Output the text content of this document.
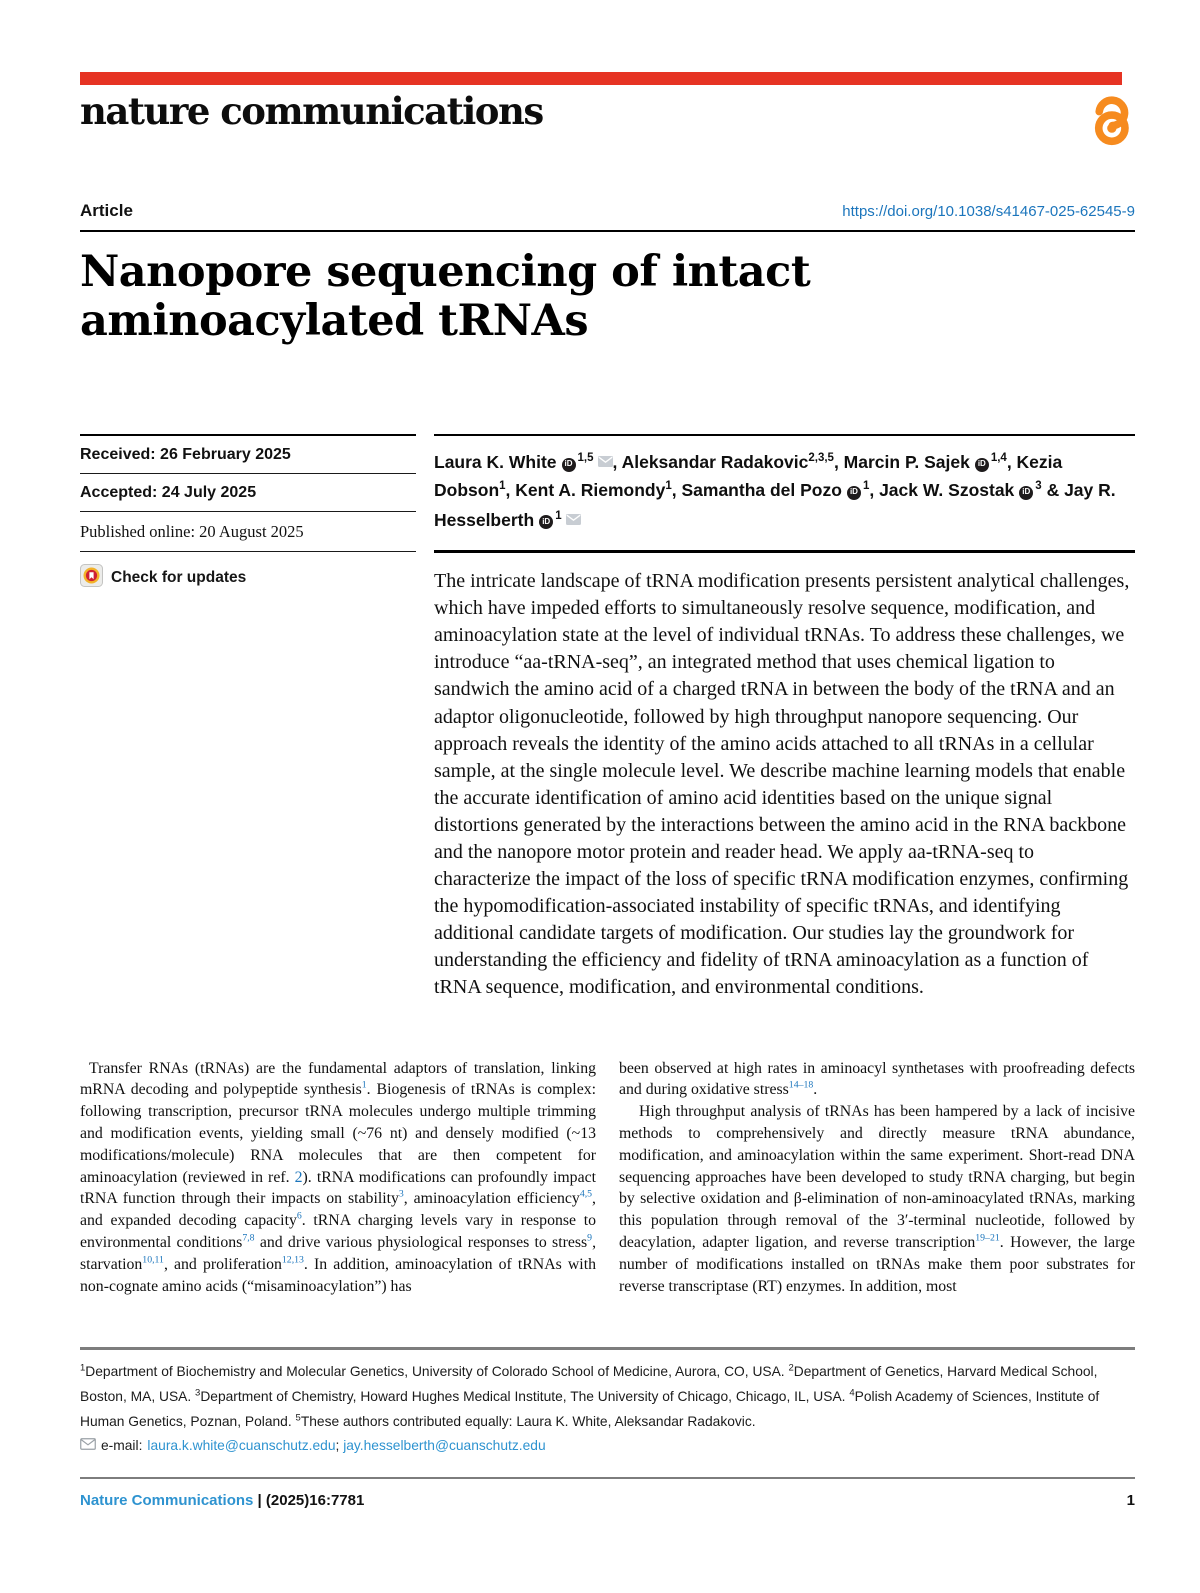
nature communications
Article	https://doi.org/10.1038/s41467-025-62545-9
Nanopore sequencing of intact aminoacylated tRNAs
Received: 26 February 2025
Accepted: 24 July 2025
Published online: 20 August 2025
Check for updates

Laura K. White iD $^{1,5}$ , Aleksandar Radakovic$^{2,3,5}$, Marcin P. Sajek iD $^{1,4}$, Kezia Dobson$^1$, Kent A. Riemondy$^1$, Samantha del Pozo iD $^1$, Jack W. Szostak iD $^3$ & Jay R. Hesselberth iD $^1$

The intricate landscape of tRNA modification presents persistent analytical challenges, which have impeded efforts to simultaneously resolve sequence, modification, and aminoacylation state at the level of individual tRNAs. To address these challenges, we introduce “aa-tRNA-seq”, an integrated method that uses chemical ligation to sandwich the amino acid of a charged tRNA in between the body of the tRNA and an adaptor oligonucleotide, followed by high throughput nanopore sequencing. Our approach reveals the identity of the amino acids attached to all tRNAs in a cellular sample, at the single molecule level. We describe machine learning models that enable the accurate identification of amino acid identities based on the unique signal distortions generated by the interactions between the amino acid in the RNA backbone and the nanopore motor protein and reader head. We apply aa-tRNA-seq to characterize the impact of the loss of specific tRNA modification enzymes, confirming the hypomodification-associated instability of specific tRNAs, and identifying additional candidate targets of modification. Our studies lay the groundwork for understanding the efficiency and fidelity of tRNA aminoacylation as a function of tRNA sequence, modification, and environmental conditions.

Transfer RNAs (tRNAs) are the fundamental adaptors of translation, linking mRNA decoding and polypeptide synthesis$^1$. Biogenesis of tRNAs is complex: following transcription, precursor tRNA molecules undergo multiple trimming and modification events, yielding small (~76 nt) and densely modified (~13 modifications/molecule) RNA molecules that are then competent for aminoacylation (reviewed in ref. 2). tRNA modifications can profoundly impact tRNA function through their impacts on stability$^3$, aminoacylation efficiency$^{4,5}$, and expanded decoding capacity$^6$. tRNA charging levels vary in response to environmental conditions$^{7,8}$ and drive various physiological responses to stress$^9$, starvation$^{10,11}$, and proliferation$^{12,13}$. In addition, aminoacylation of tRNAs with non-cognate amino acids (“misaminoacylation”) has

been observed at high rates in aminoacyl synthetases with proofreading defects and during oxidative stress$^{14-18}$.

High throughput analysis of tRNAs has been hampered by a lack of incisive methods to comprehensively and directly measure tRNA abundance, modification, and aminoacylation within the same experiment. Short-read DNA sequencing approaches have been developed to study tRNA charging, but begin by selective oxidation and β-elimination of non-aminoacylated tRNAs, marking this population through removal of the 3′-terminal nucleotide, followed by deacylation, adapter ligation, and reverse transcription$^{19-21}$. However, the large number of modifications installed on tRNAs make them poor substrates for reverse transcriptase (RT) enzymes. In addition, most

$^1$Department of Biochemistry and Molecular Genetics, University of Colorado School of Medicine, Aurora, CO, USA. $^2$Department of Genetics, Harvard Medical School, Boston, MA, USA. $^3$Department of Chemistry, Howard Hughes Medical Institute, The University of Chicago, Chicago, IL, USA. $^4$Polish Academy of Sciences, Institute of Human Genetics, Poznan, Poland. $^5$These authors contributed equally: Laura K. White, Aleksandar Radakovic.

e-mail: laura.k.white@cuanschutz.edu; jay.hesselberth@cuanschutz.edu
Nature Communications | (2025)16:7781	1
